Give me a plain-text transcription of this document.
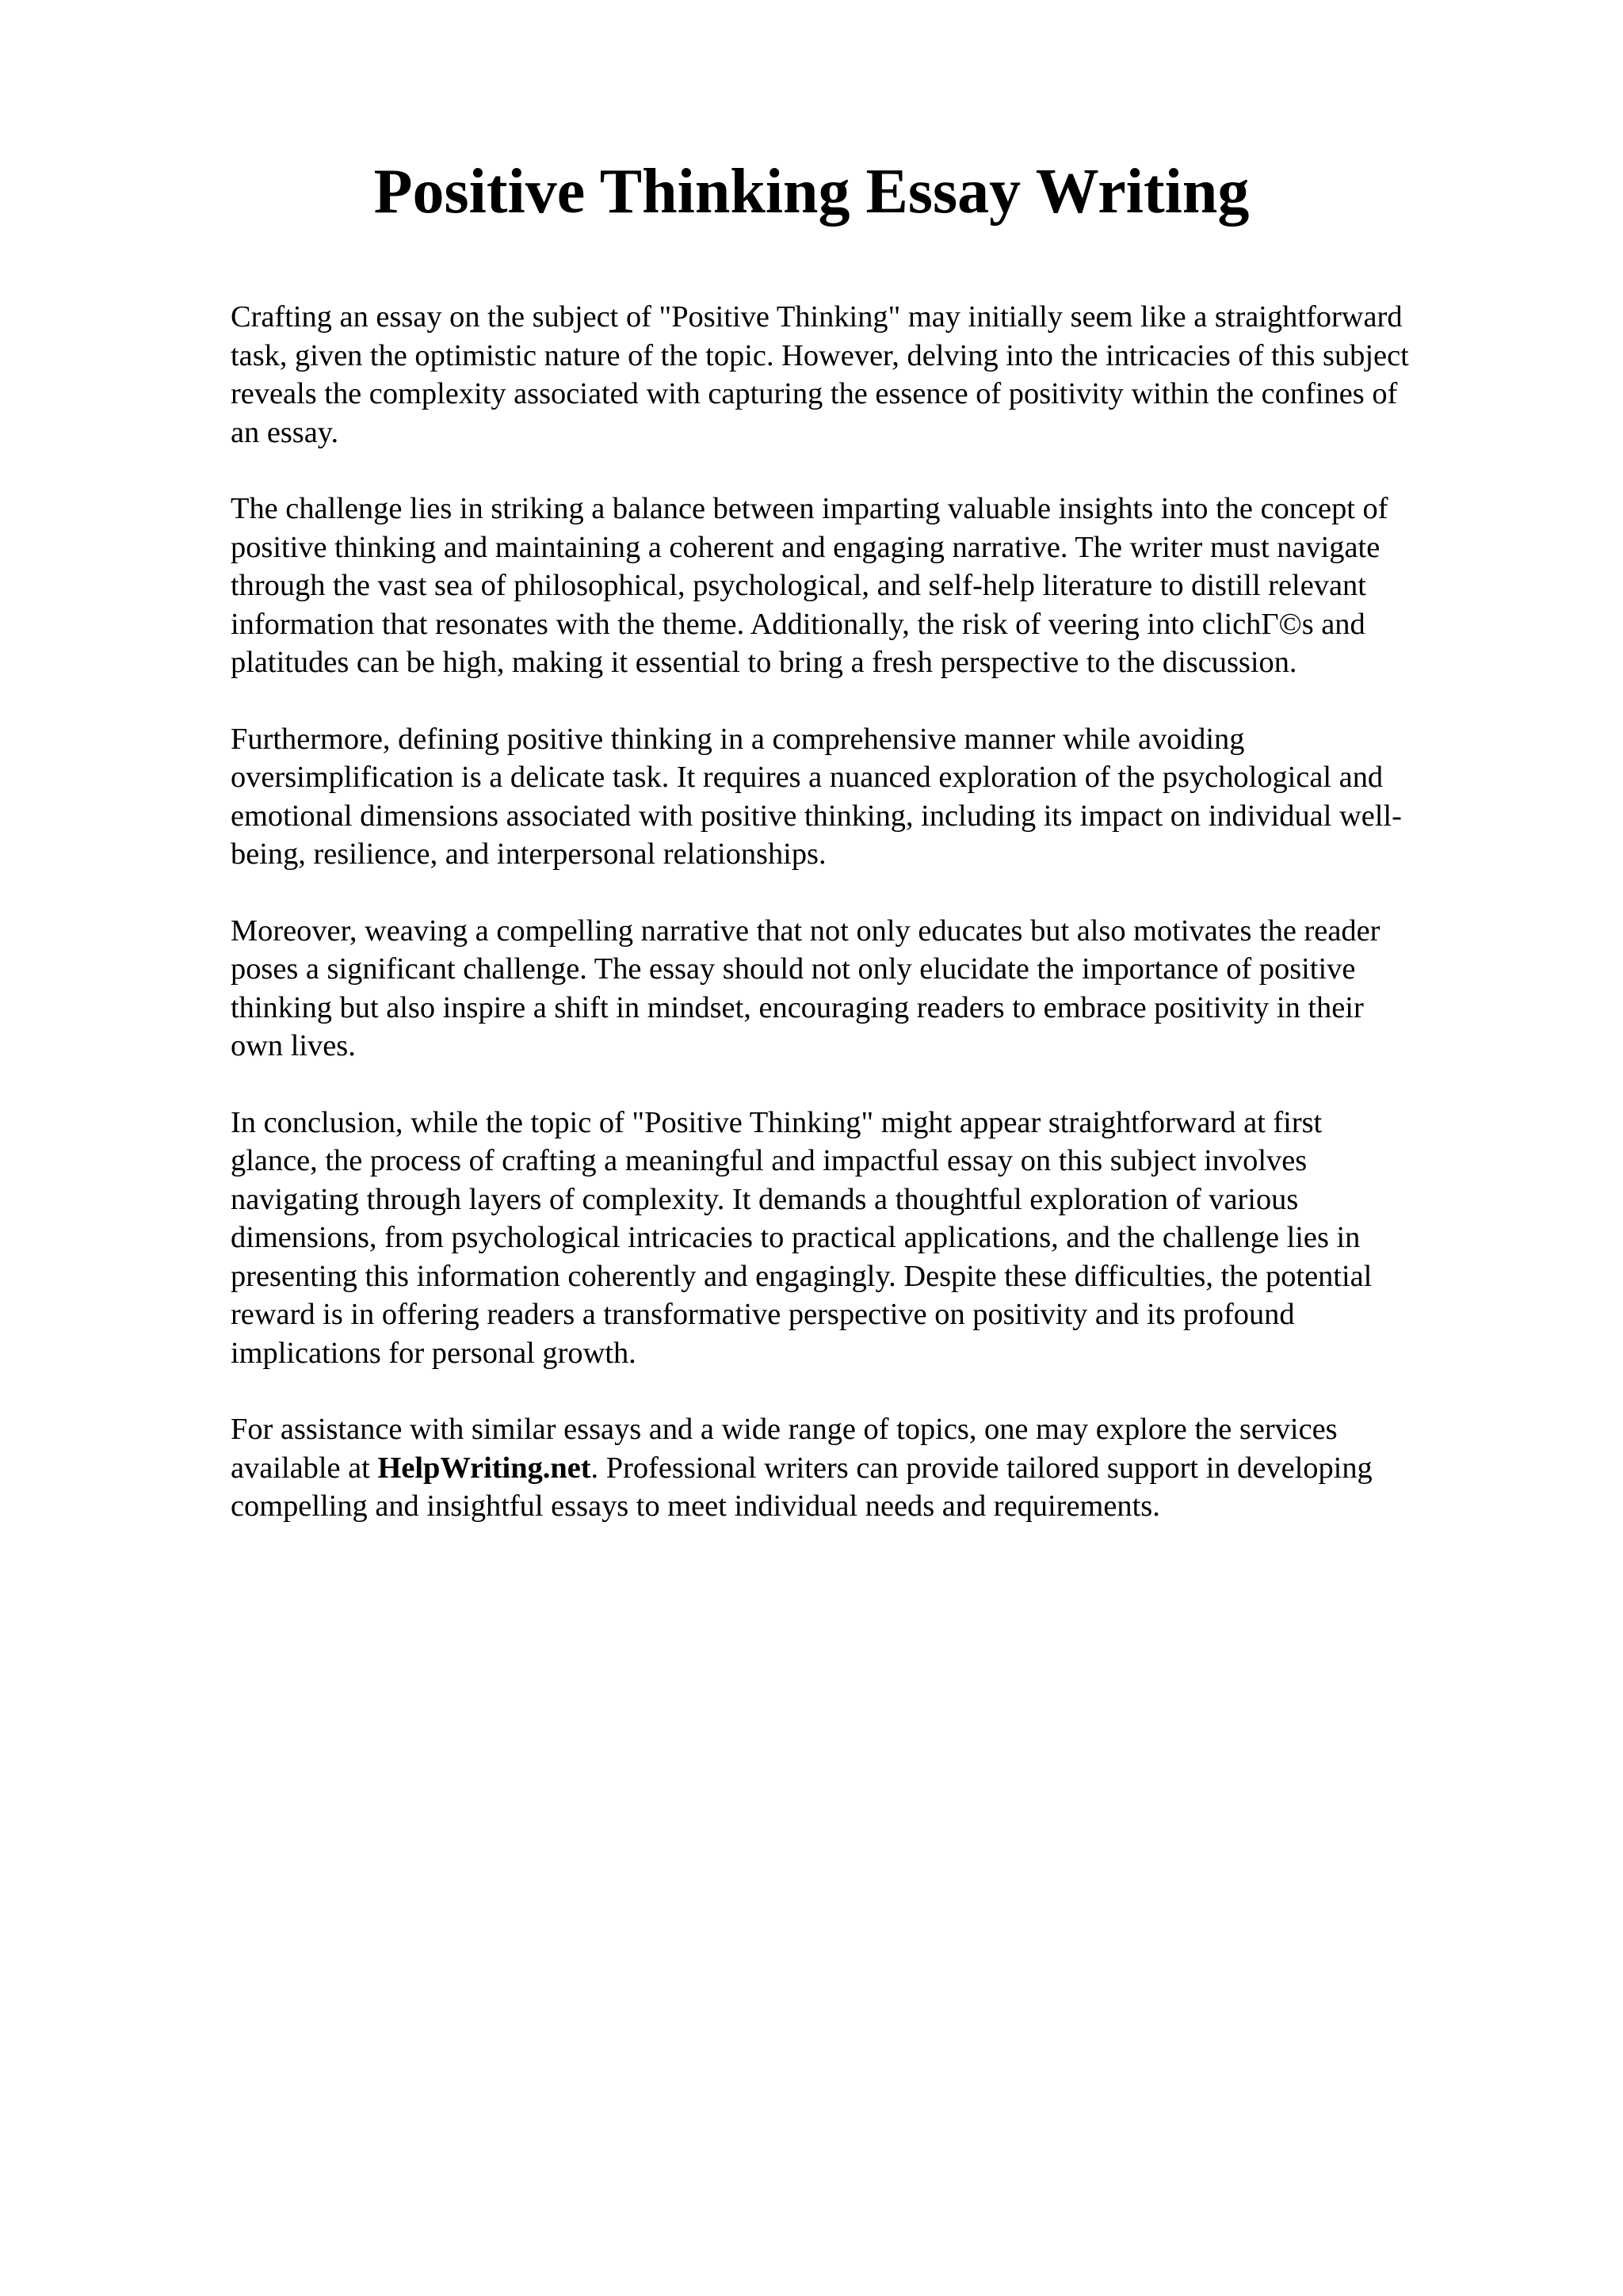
Positive Thinking Essay Writing

Crafting an essay on the subject of "Positive Thinking" may initially seem like a straightforward
task, given the optimistic nature of the topic. However, delving into the intricacies of this subject
reveals the complexity associated with capturing the essence of positivity within the confines of
an essay.

The challenge lies in striking a balance between imparting valuable insights into the concept of
positive thinking and maintaining a coherent and engaging narrative. The writer must navigate
through the vast sea of philosophical, psychological, and self-help literature to distill relevant
information that resonates with the theme. Additionally, the risk of veering into clichΓ©s and
platitudes can be high, making it essential to bring a fresh perspective to the discussion.

Furthermore, defining positive thinking in a comprehensive manner while avoiding
oversimplification is a delicate task. It requires a nuanced exploration of the psychological and
emotional dimensions associated with positive thinking, including its impact on individual well-
being, resilience, and interpersonal relationships.

Moreover, weaving a compelling narrative that not only educates but also motivates the reader
poses a significant challenge. The essay should not only elucidate the importance of positive
thinking but also inspire a shift in mindset, encouraging readers to embrace positivity in their
own lives.

In conclusion, while the topic of "Positive Thinking" might appear straightforward at first
glance, the process of crafting a meaningful and impactful essay on this subject involves
navigating through layers of complexity. It demands a thoughtful exploration of various
dimensions, from psychological intricacies to practical applications, and the challenge lies in
presenting this information coherently and engagingly. Despite these difficulties, the potential
reward is in offering readers a transformative perspective on positivity and its profound
implications for personal growth.

For assistance with similar essays and a wide range of topics, one may explore the services
available at HelpWriting.net. Professional writers can provide tailored support in developing
compelling and insightful essays to meet individual needs and requirements.
